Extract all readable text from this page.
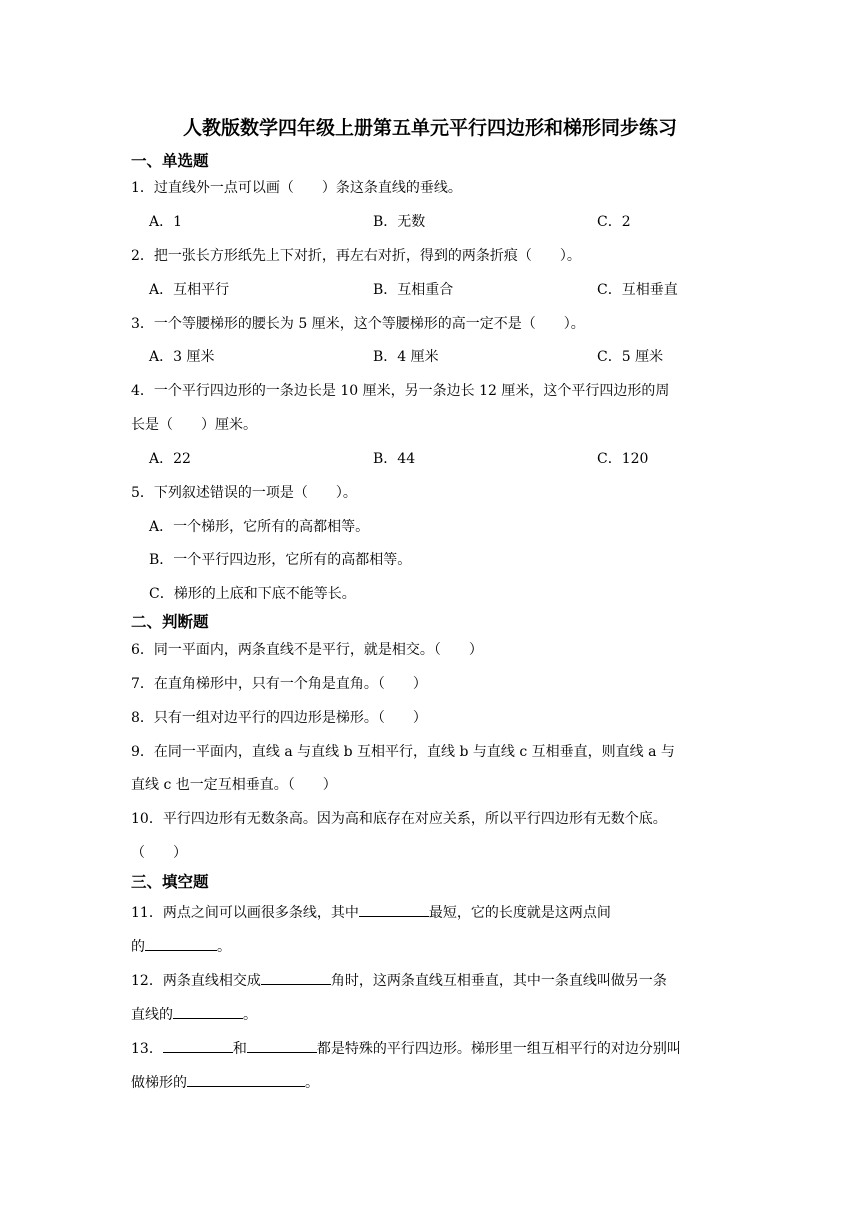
人教版数学四年级上册第五单元平行四边形和梯形同步练习
一、单选题
1．过直线外一点可以画（　　）条这条直线的垂线。
A．1	B．无数	C．2
2．把一张长方形纸先上下对折，再左右对折，得到的两条折痕（　　）。
A．互相平行	B．互相重合	C．互相垂直
3．一个等腰梯形的腰长为 5 厘米，这个等腰梯形的高一定不是（　　）。
A．3 厘米	B．4 厘米	C．5 厘米
4．一个平行四边形的一条边长是 10 厘米，另一条边长 12 厘米，这个平行四边形的周
长是（　　）厘米。
A．22	B．44	C．120
5．下列叙述错误的一项是（　　）。
A．一个梯形，它所有的高都相等。
B．一个平行四边形，它所有的高都相等。
C．梯形的上底和下底不能等长。
二、判断题
6．同一平面内，两条直线不是平行，就是相交。（　　）
7．在直角梯形中，只有一个角是直角。（　　）
8．只有一组对边平行的四边形是梯形。（　　）
9．在同一平面内，直线 a 与直线 b 互相平行，直线 b 与直线 c 互相垂直，则直线 a 与
直线 c 也一定互相垂直。（　　）
10．平行四边形有无数条高。因为高和底存在对应关系，所以平行四边形有无数个底。
（　　）
三、填空题
11．两点之间可以画很多条线，其中	最短，它的长度就是这两点间
的	。
12．两条直线相交成	角时，这两条直线互相垂直，其中一条直线叫做另一条
直线的	。
13．	和	都是特殊的平行四边形。梯形里一组互相平行的对边分别叫
做梯形的	。
